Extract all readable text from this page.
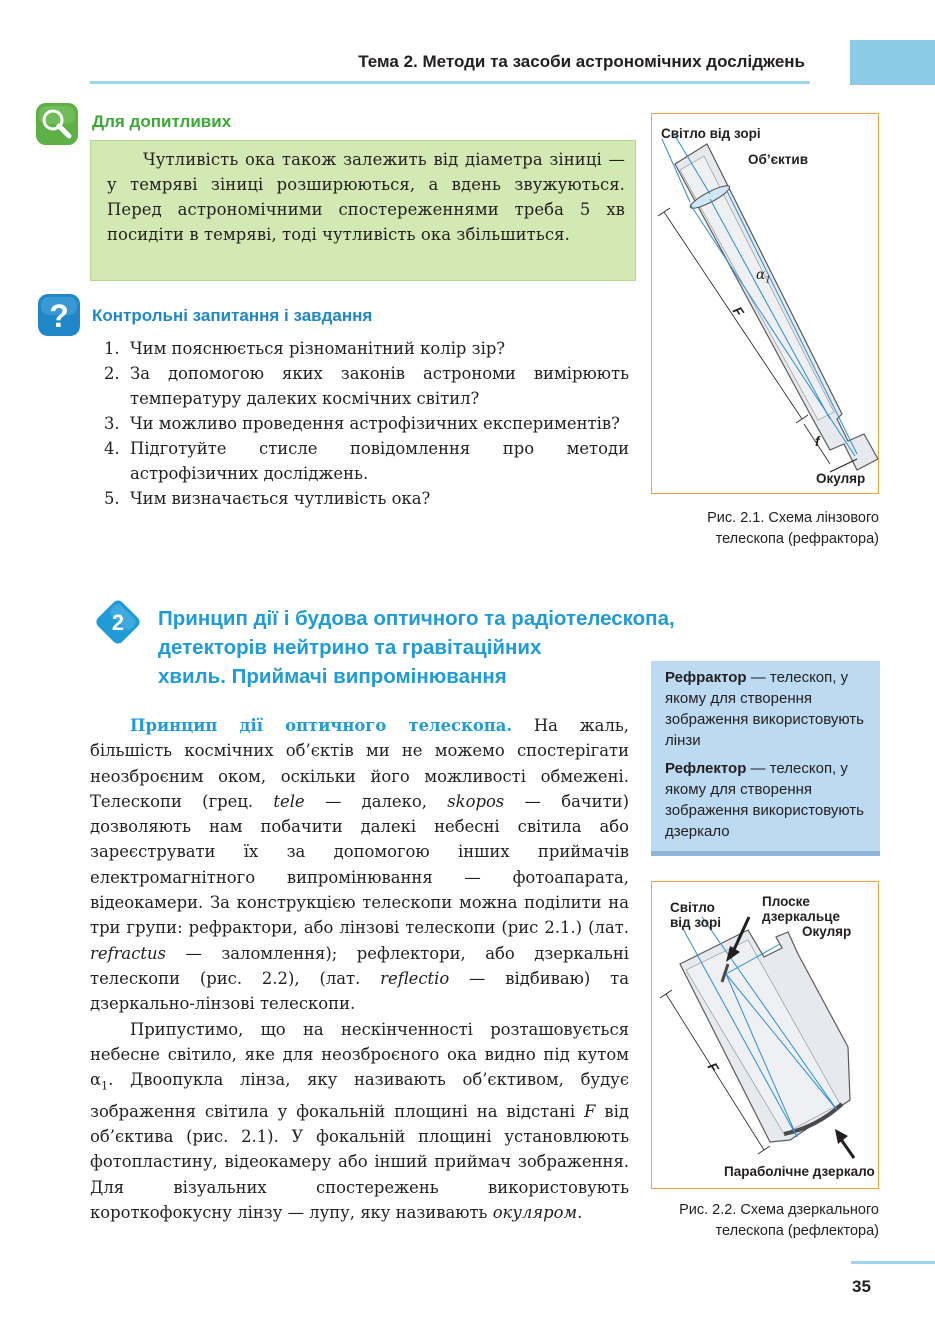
Тема 2. Методи та засоби астрономічних досліджень
Для допитливих

Чутливість ока також залежить від діаметра зіниці — у темряві зіниці розширюються, а вдень звужуються. Перед астрономічними спостереженнями треба 5 хв посидіти в темряві, тоді чутливість ока збільшиться.

? Контрольні запитання і завдання
1. Чим пояснюється різноманітний колір зір?
2. За допомогою яких законів астрономи вимірюють температуру далеких космічних світил?
3. Чи можливо проведення астрофізичних експериментів?
4. Підготуйте стисле повідомлення про методи астрофізичних досліджень.
5. Чим визначається чутливість ока?
Світло від зорі
Об’єктив
$\alpha_1$
F
f
Окуляр
Рис. 2.1. Схема лінзового
телескопа (рефрактора)
2 Принцип дії і будова оптичного та радіотелескопа,
детекторів нейтрино та гравітаційних
хвиль. Приймачі випромінювання	Рефрактор — телескоп, у якому для створення зображення використовують лінзи

Рефлектор — телескоп, у якому для створення зображення використовують дзеркало

Принцип дії оптичного телескопа. На жаль, більшість космічних об’єктів ми не можемо спостерігати неозброєним оком, оскільки його можливості обмежені. Телескопи (грец. tele — далеко, skopos — бачити) дозволяють нам побачити далекі небесні світила або зареєструвати їх за допомогою інших приймачів електромагнітного випромінювання — фотоапарата, відеокамери. За конструкцією телескопи можна поділити на три групи: рефрактори, або лінзові телескопи (рис 2.1.) (лат. refractus — заломлення); рефлектори, або дзеркальні телескопи (рис. 2.2), (лат. reflectio — відбиваю) та дзеркально-лінзові телескопи.

Припустимо, що на нескінченності розташовується небесне світило, яке для неозброєного ока видно під кутом $\alpha_1$. Двоопукла лінза, яку називають об’єктивом, будує зображення світила у фокальній площині на відстані F від об’єктива (рис. 2.1). У фокальній площині установлюють фотопластину, відеокамеру або інший приймач зображення. Для візуальних спостережень використовують короткофокусну лінзу — лупу, яку називають окуляром.

Світло
від зорі
Плоске
дзеркальце
Окуляр
F
Параболічне дзеркало
Рис. 2.2. Схема дзеркального
телескопа (рефлектора)
35
